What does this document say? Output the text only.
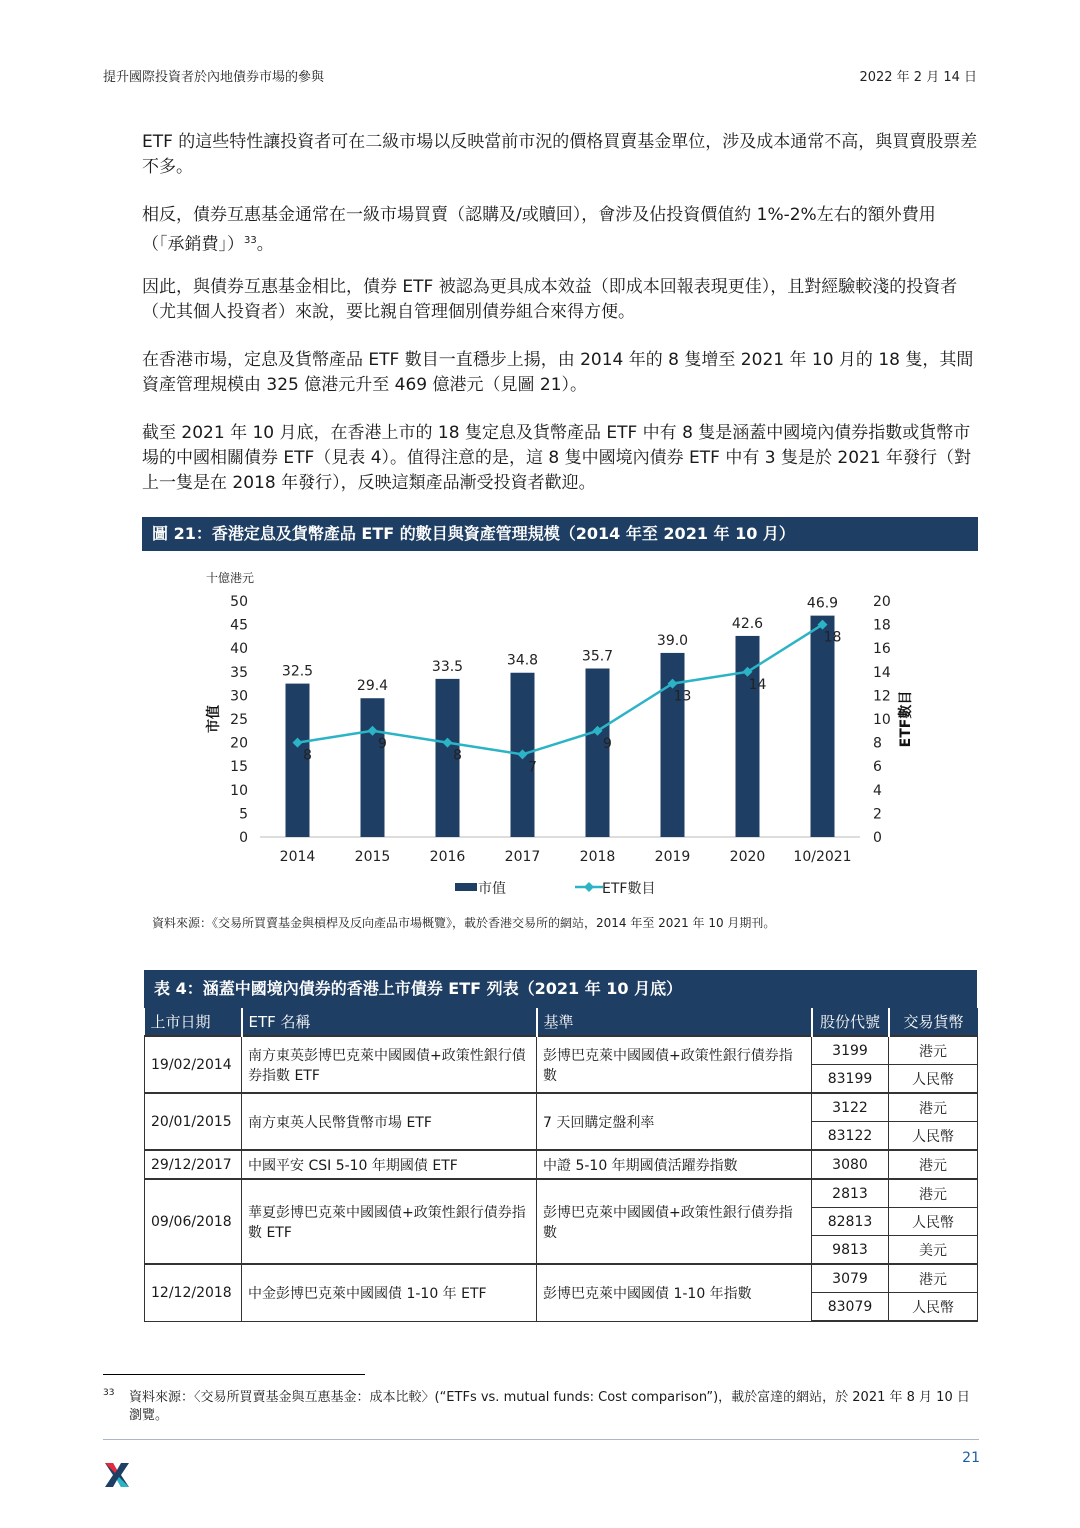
提升國際投資者於內地債券市場的參與	2022 年 2 月 14 日

ETF 的這些特性讓投資者可在二級市場以反映當前市況的價格買賣基金單位，涉及成本通常不高，與買賣股票差不多。

相反，債券互惠基金通常在一級市場買賣（認購及/或贖回），會涉及佔投資價值約 1%-2%左右的額外費用（「承銷費」）$^{33}$。

因此，與債券互惠基金相比，債券 ETF 被認為更具成本效益（即成本回報表現更佳），且對經驗較淺的投資者（尤其個人投資者）來說，要比親自管理個別債券組合來得方便。

在香港市場，定息及貨幣產品 ETF 數目一直穩步上揚，由 2014 年的 8 隻增至 2021 年 10 月的 18 隻，其間資產管理規模由 325 億港元升至 469 億港元（見圖 21）。

截至 2021 年 10 月底，在香港上市的 18 隻定息及貨幣產品 ETF 中有 8 隻是涵蓋中國境內債券指數或貨幣市場的中國相關債券 ETF（見表 4）。值得注意的是，這 8 隻中國境內債券 ETF 中有 3 隻是於 2021 年發行（對上一隻是在 2018 年發行），反映這類產品漸受投資者歡迎。

圖 21：香港定息及貨幣產品 ETF 的數目與資產管理規模（2014 年至 2021 年 10 月）
0
5
10
15
20
25
30
35
40
45
50
0
2
4
6
8
10
12
14
16
18
20
十億港元
市值	ETF數目
32.5
29.4
33.5	34.8	35.7
39.0
42.6
46.9
2014	2015	2016	2017	2018	2019	2020 10/2021
8
9
8
7
9
13
14
18
市值	ETF數目
資料來源：《交易所買賣基金與槓桿及反向產品市場概覽》，載於香港交易所的網站，2014 年至 2021 年 10 月期刊。
表 4：涵蓋中國境內債券的香港上市債券 ETF 列表（2021 年 10 月底）
上市日期	ETF 名稱	基準	股份代號	交易貨幣
19/02/2014	南方東英彭博巴克萊中國國債+政策性銀行債券指數 ETF	彭博巴克萊中國國債+政策性銀行債券指數	3199	港元
			83199	人民幣
20/01/2015	南方東英人民幣貨幣市場 ETF	7 天回購定盤利率	3122	港元
			83122	人民幣
29/12/2017	中國平安 CSI 5-10 年期國債 ETF	中證 5-10 年期國債活躍券指數	3080	港元
09/06/2018	華夏彭博巴克萊中國國債+政策性銀行債券指數 ETF	彭博巴克萊中國國債+政策性銀行債券指數	2813	港元
			82813	人民幣
			9813	美元
12/12/2018	中金彭博巴克萊中國國債 1-10 年 ETF	彭博巴克萊中國國債 1-10 年指數	3079	港元
			83079	人民幣
33 資料來源：〈交易所買賣基金與互惠基金：成本比較〉(“ETFs vs. mutual funds: Cost comparison”)，載於富達的網站，於 2021 年 8 月 10 日瀏覽。
21
